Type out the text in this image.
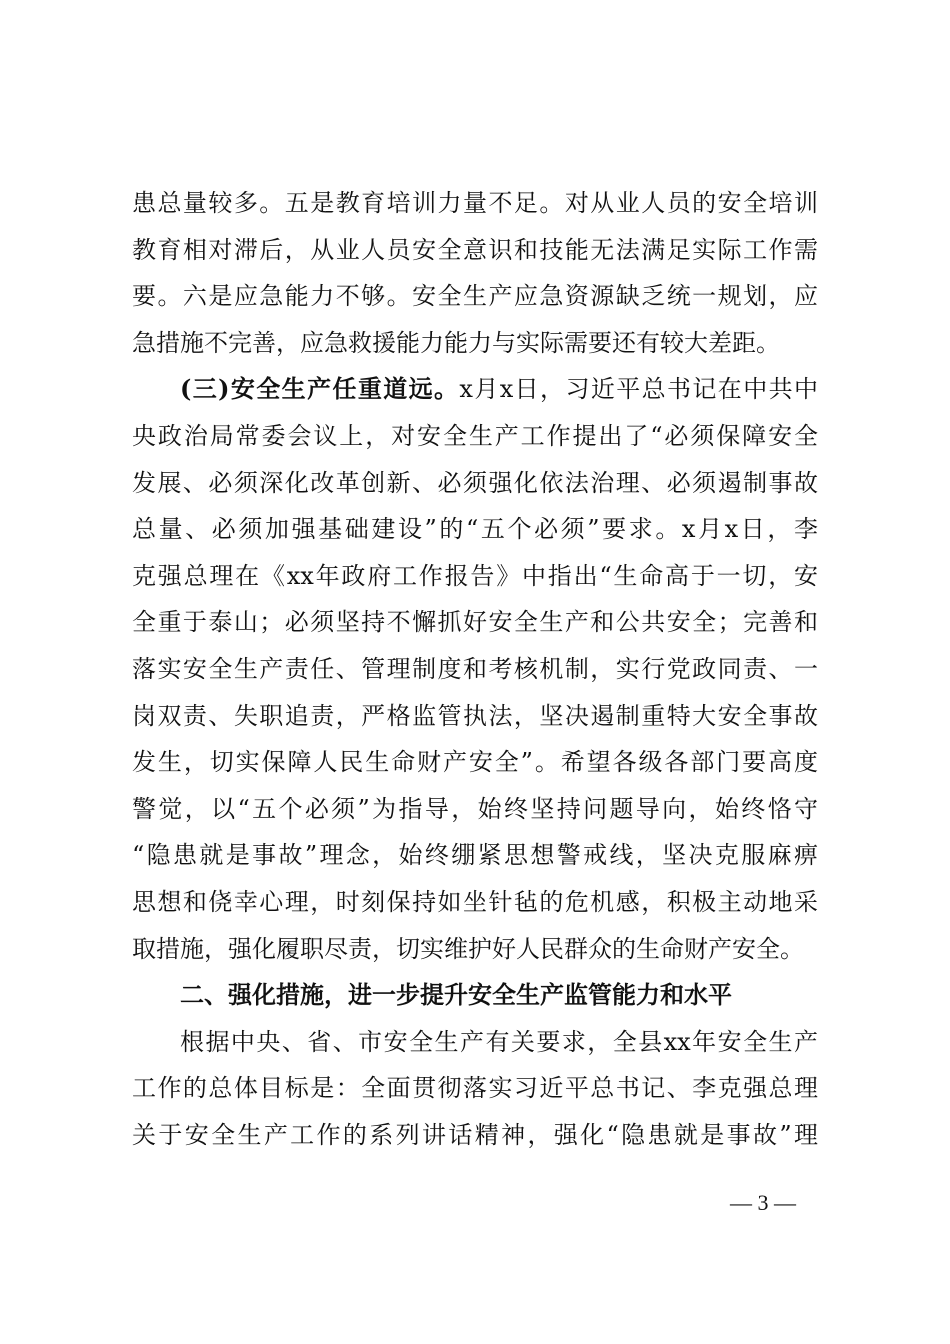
患总量较多。五是教育培训力量不足。对从业人员的安全培训
教育相对滞后，从业人员安全意识和技能无法满足实际工作需
要。六是应急能力不够。安全生产应急资源缺乏统一规划，应
急措施不完善，应急救援能力能力与实际需要还有较大差距。
(三)安全生产任重道远。x月x日，习近平总书记在中共中
央政治局常委会议上，对安全生产工作提出了“必须保障安全
发展、必须深化改革创新、必须强化依法治理、必须遏制事故
总量、必须加强基础建设”的“五个必须”要求。x月x日，李
克强总理在《xx年政府工作报告》中指出“生命高于一切，安
全重于泰山；必须坚持不懈抓好安全生产和公共安全；完善和
落实安全生产责任、管理制度和考核机制，实行党政同责、一
岗双责、失职追责，严格监管执法，坚决遏制重特大安全事故
发生，切实保障人民生命财产安全”。希望各级各部门要高度
警觉，以“五个必须”为指导，始终坚持问题导向，始终恪守
“隐患就是事故”理念，始终绷紧思想警戒线，坚决克服麻痹
思想和侥幸心理，时刻保持如坐针毡的危机感，积极主动地采
取措施，强化履职尽责，切实维护好人民群众的生命财产安全。
二、强化措施，进一步提升安全生产监管能力和水平
根据中央、省、市安全生产有关要求，全县xx年安全生产
工作的总体目标是：全面贯彻落实习近平总书记、李克强总理
关于安全生产工作的系列讲话精神，强化“隐患就是事故”理
— 3 —
